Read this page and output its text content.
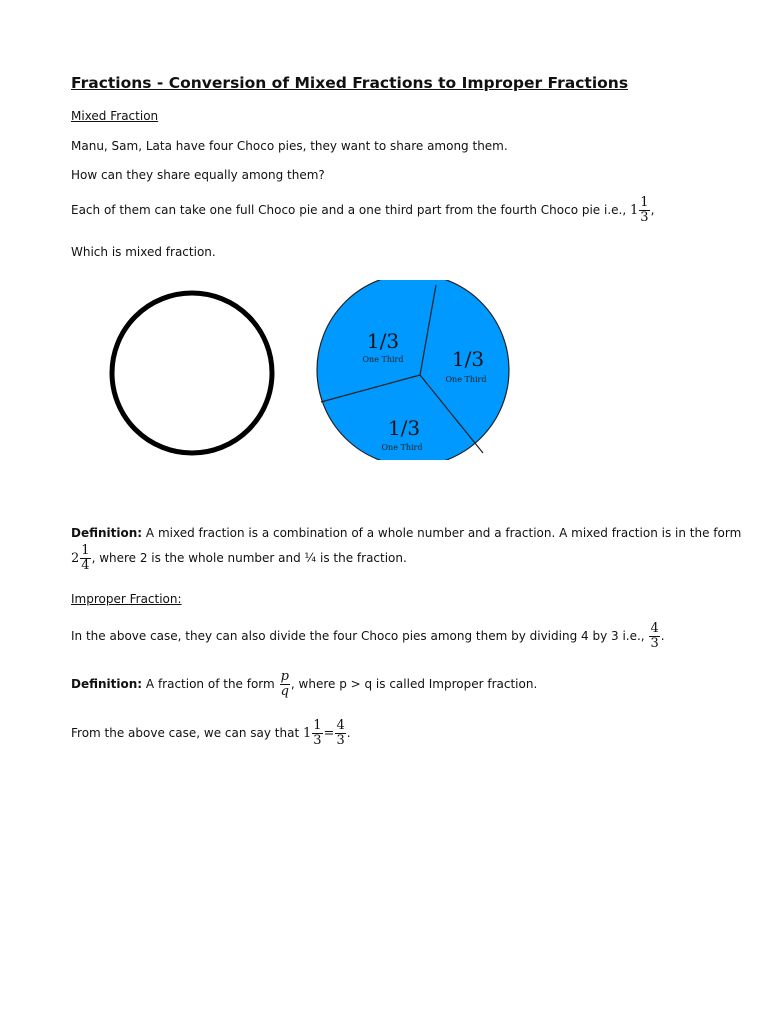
Fractions - Conversion of Mixed Fractions to Improper Fractions
Mixed Fraction
Manu, Sam, Lata have four Choco pies, they want to share among them.
How can they share equally among them?
Each of them can take one full Choco pie and a one third part from the fourth Choco pie i.e., $1 \frac{1}{3}$ ,
Which is mixed fraction.
1/3
One Third 1/3
One Third
1/3
One Third
Definition: A mixed fraction is a combination of a whole number and a fraction. A mixed fraction is in the form
$2 \frac{1}{4}$ , where 2 is the whole number and ¼ is the fraction.
Improper Fraction:
In the above case, they can also divide the four Choco pies among them by dividing 4 by 3 i.e., $\frac{4}{3}$ .
Definition: A fraction of the form $\frac{p}{q}$ , where p > q is called Improper fraction.
From the above case, we can say that $1 \frac{1}{3} = \frac{4}{3}$ .
